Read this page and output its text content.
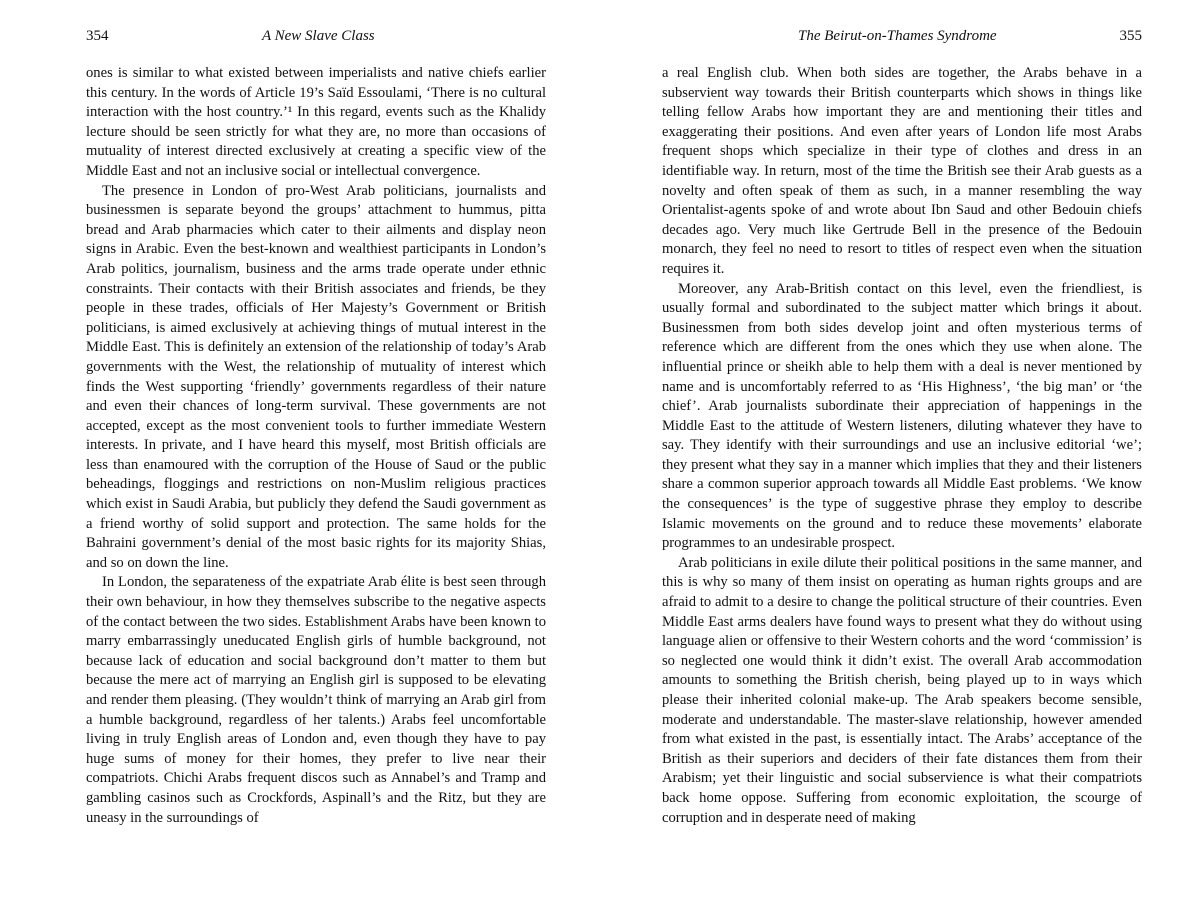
354	A New Slave Class

ones is similar to what existed between imperialists and native chiefs earlier this century. In the words of Article 19’s Saïd Essoulami, ‘There is no cultural interaction with the host country.’¹ In this regard, events such as the Khalidy lecture should be seen strictly for what they are, no more than occasions of mutuality of interest directed exclusively at creating a specific view of the Middle East and not an inclusive social or intellectual convergence.

The presence in London of pro-West Arab politicians, journalists and businessmen is separate beyond the groups’ attachment to hummus, pitta bread and Arab pharmacies which cater to their ailments and display neon signs in Arabic. Even the best-known and wealthiest participants in London’s Arab politics, journalism, business and the arms trade operate under ethnic constraints. Their contacts with their British associates and friends, be they people in these trades, officials of Her Majesty’s Government or British politicians, is aimed exclusively at achieving things of mutual interest in the Middle East. This is definitely an extension of the relationship of today’s Arab governments with the West, the relationship of mutuality of interest which finds the West supporting ‘friendly’ governments regardless of their nature and even their chances of long-term survival. These governments are not accepted, except as the most convenient tools to further immediate Western interests. In private, and I have heard this myself, most British officials are less than enamoured with the corruption of the House of Saud or the public beheadings, floggings and restrictions on non-Muslim religious practices which exist in Saudi Arabia, but publicly they defend the Saudi government as a friend worthy of solid support and protection. The same holds for the Bahraini government’s denial of the most basic rights for its majority Shias, and so on down the line.

In London, the separateness of the expatriate Arab élite is best seen through their own behaviour, in how they themselves subscribe to the negative aspects of the contact between the two sides. Establishment Arabs have been known to marry embarrassingly uneducated English girls of humble background, not because lack of education and social background don’t matter to them but because the mere act of marrying an English girl is supposed to be elevating and render them pleasing. (They wouldn’t think of marrying an Arab girl from a humble background, regardless of her talents.) Arabs feel uncomfortable living in truly English areas of London and, even though they have to pay huge sums of money for their homes, they prefer to live near their compatriots. Chichi Arabs frequent discos such as Annabel’s and Tramp and gambling casinos such as Crockfords, Aspinall’s and the Ritz, but they are uneasy in the surroundings of

The Beirut-on-Thames Syndrome	355

a real English club. When both sides are together, the Arabs behave in a subservient way towards their British counterparts which shows in things like telling fellow Arabs how important they are and mentioning their titles and exaggerating their positions. And even after years of London life most Arabs frequent shops which specialize in their type of clothes and dress in an identifiable way. In return, most of the time the British see their Arab guests as a novelty and often speak of them as such, in a manner resembling the way Orientalist-agents spoke of and wrote about Ibn Saud and other Bedouin chiefs decades ago. Very much like Gertrude Bell in the presence of the Bedouin monarch, they feel no need to resort to titles of respect even when the situation requires it.

Moreover, any Arab-British contact on this level, even the friendliest, is usually formal and subordinated to the subject matter which brings it about. Businessmen from both sides develop joint and often mysterious terms of reference which are different from the ones which they use when alone. The influential prince or sheikh able to help them with a deal is never mentioned by name and is uncomfortably referred to as ‘His Highness’, ‘the big man’ or ‘the chief’. Arab journalists subordinate their appreciation of happenings in the Middle East to the attitude of Western listeners, diluting whatever they have to say. They identify with their surroundings and use an inclusive editorial ‘we’; they present what they say in a manner which implies that they and their listeners share a common superior approach towards all Middle East problems. ‘We know the consequences’ is the type of suggestive phrase they employ to describe Islamic movements on the ground and to reduce these movements’ elaborate programmes to an undesirable prospect.

Arab politicians in exile dilute their political positions in the same manner, and this is why so many of them insist on operating as human rights groups and are afraid to admit to a desire to change the political structure of their countries. Even Middle East arms dealers have found ways to present what they do without using language alien or offensive to their Western cohorts and the word ‘commission’ is so neglected one would think it didn’t exist. The overall Arab accommodation amounts to something the British cherish, being played up to in ways which please their inherited colonial make-up. The Arab speakers become sensible, moderate and understandable. The master-slave relationship, however amended from what existed in the past, is essentially intact. The Arabs’ acceptance of the British as their superiors and deciders of their fate distances them from their Arabism; yet their linguistic and social subservience is what their compatriots back home oppose. Suffering from economic exploitation, the scourge of corruption and in desperate need of making
